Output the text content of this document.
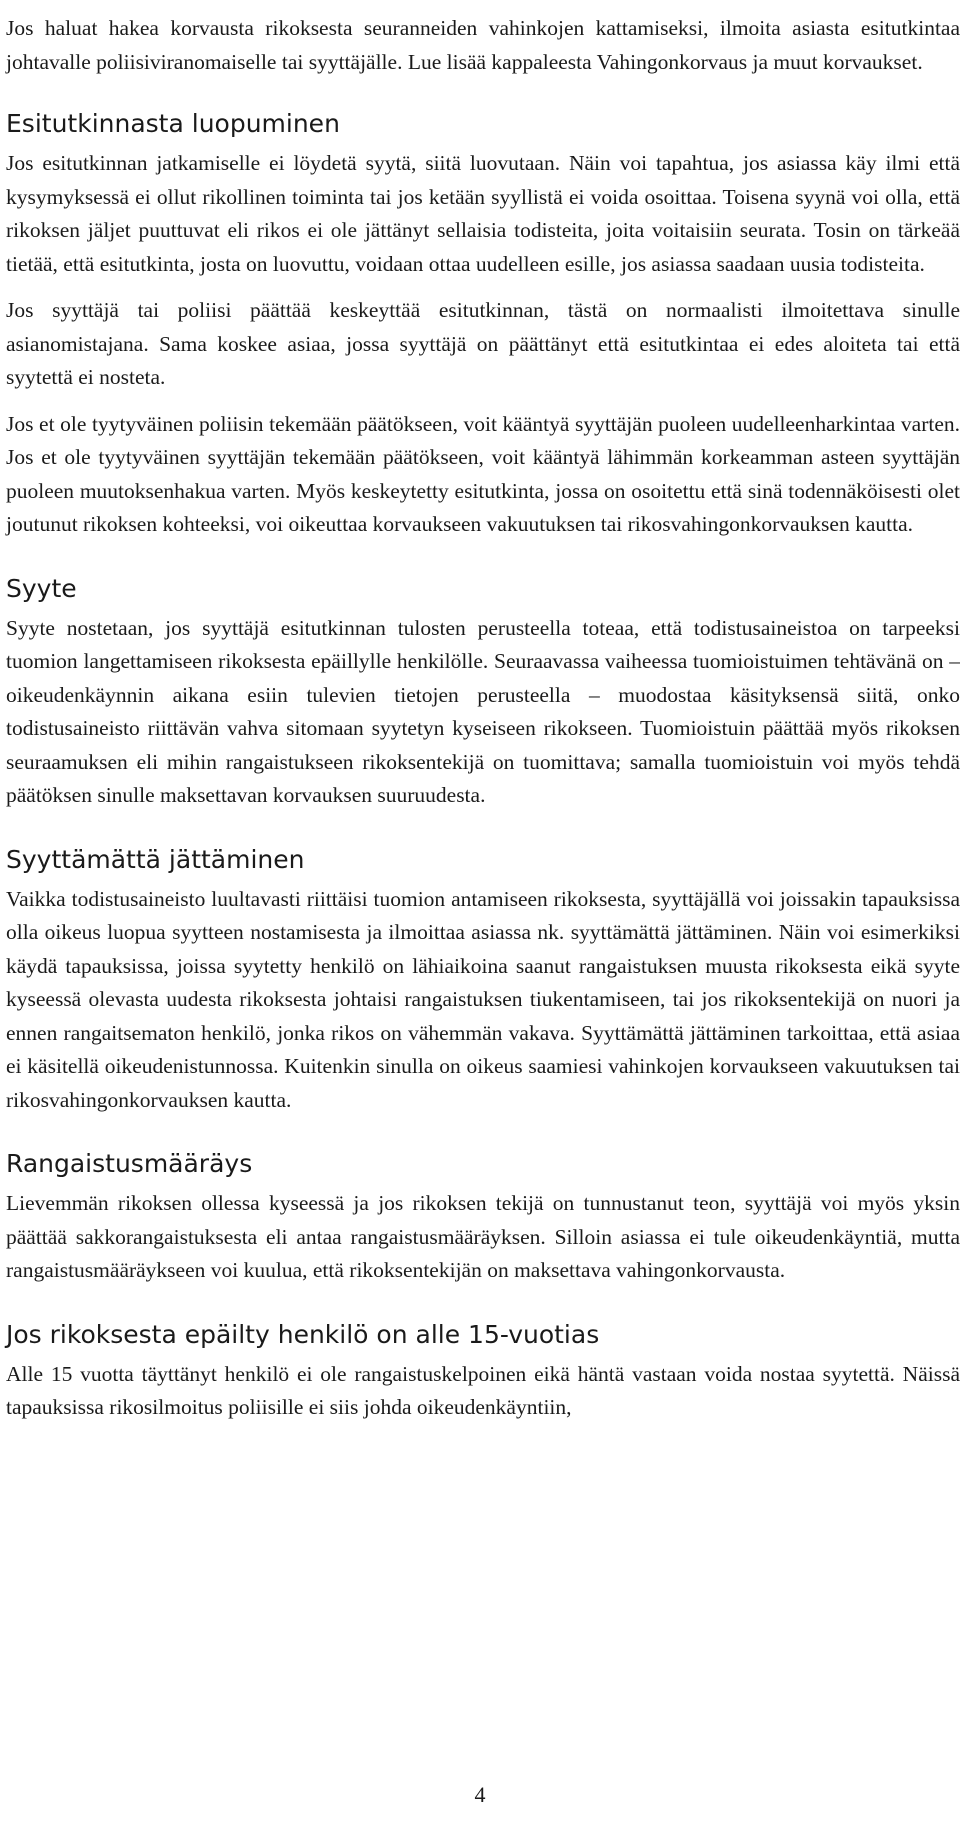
Jos haluat hakea korvausta rikoksesta seuranneiden vahinkojen kattamiseksi, ilmoita asiasta esitutkintaa johtavalle poliisiviranomaiselle tai syyttäjälle. Lue lisää kappaleesta Vahingonkorvaus ja muut korvaukset.

Esitutkinnasta luopuminen

Jos esitutkinnan jatkamiselle ei löydetä syytä, siitä luovutaan. Näin voi tapahtua, jos asiassa käy ilmi että kysymyksessä ei ollut rikollinen toiminta tai jos ketään syyllistä ei voida osoittaa. Toisena syynä voi olla, että rikoksen jäljet puuttuvat eli rikos ei ole jättänyt sellaisia todisteita, joita voitaisiin seurata. Tosin on tärkeää tietää, että esitutkinta, josta on luovuttu, voidaan ottaa uudelleen esille, jos asiassa saadaan uusia todisteita.

Jos syyttäjä tai poliisi päättää keskeyttää esitutkinnan, tästä on normaalisti ilmoitettava sinulle asianomistajana. Sama koskee asiaa, jossa syyttäjä on päättänyt että esitutkintaa ei edes aloiteta tai että syytettä ei nosteta.

Jos et ole tyytyväinen poliisin tekemään päätökseen, voit kääntyä syyttäjän puoleen uudelleenharkintaa varten. Jos et ole tyytyväinen syyttäjän tekemään päätökseen, voit kääntyä lähimmän korkeamman asteen syyttäjän puoleen muutoksenhakua varten. Myös keskeytetty esitutkinta, jossa on osoitettu että sinä todennäköisesti olet joutunut rikoksen kohteeksi, voi oikeuttaa korvaukseen vakuutuksen tai rikosvahingonkorvauksen kautta.

Syyte

Syyte nostetaan, jos syyttäjä esitutkinnan tulosten perusteella toteaa, että todistusaineistoa on tarpeeksi tuomion langettamiseen rikoksesta epäillylle henkilölle. Seuraavassa vaiheessa tuomioistuimen tehtävänä on – oikeudenkäynnin aikana esiin tulevien tietojen perusteella – muodostaa käsityksensä siitä, onko todistusaineisto riittävän vahva sitomaan syytetyn kyseiseen rikokseen. Tuomioistuin päättää myös rikoksen seuraamuksen eli mihin rangaistukseen rikoksentekijä on tuomittava; samalla tuomioistuin voi myös tehdä päätöksen sinulle maksettavan korvauksen suuruudesta.

Syyttämättä jättäminen

Vaikka todistusaineisto luultavasti riittäisi tuomion antamiseen rikoksesta, syyttäjällä voi joissakin tapauksissa olla oikeus luopua syytteen nostamisesta ja ilmoittaa asiassa nk. syyttämättä jättäminen. Näin voi esimerkiksi käydä tapauksissa, joissa syytetty henkilö on lähiaikoina saanut rangaistuksen muusta rikoksesta eikä syyte kyseessä olevasta uudesta rikoksesta johtaisi rangaistuksen tiukentamiseen, tai jos rikoksentekijä on nuori ja ennen rangaitsematon henkilö, jonka rikos on vähemmän vakava. Syyttämättä jättäminen tarkoittaa, että asiaa ei käsitellä oikeudenistunnossa. Kuitenkin sinulla on oikeus saamiesi vahinkojen korvaukseen vakuutuksen tai rikosvahingonkorvauksen kautta.

Rangaistusmääräys

Lievemmän rikoksen ollessa kyseessä ja jos rikoksen tekijä on tunnustanut teon, syyttäjä voi myös yksin päättää sakkorangaistuksesta eli antaa rangaistusmääräyksen. Silloin asiassa ei tule oikeudenkäyntiä, mutta rangaistusmääräykseen voi kuulua, että rikoksentekijän on maksettava vahingonkorvausta.

Jos rikoksesta epäilty henkilö on alle 15-vuotias

Alle 15 vuotta täyttänyt henkilö ei ole rangaistuskelpoinen eikä häntä vastaan voida nostaa syytettä. Näissä tapauksissa rikosilmoitus poliisille ei siis johda oikeudenkäyntiin,

4
